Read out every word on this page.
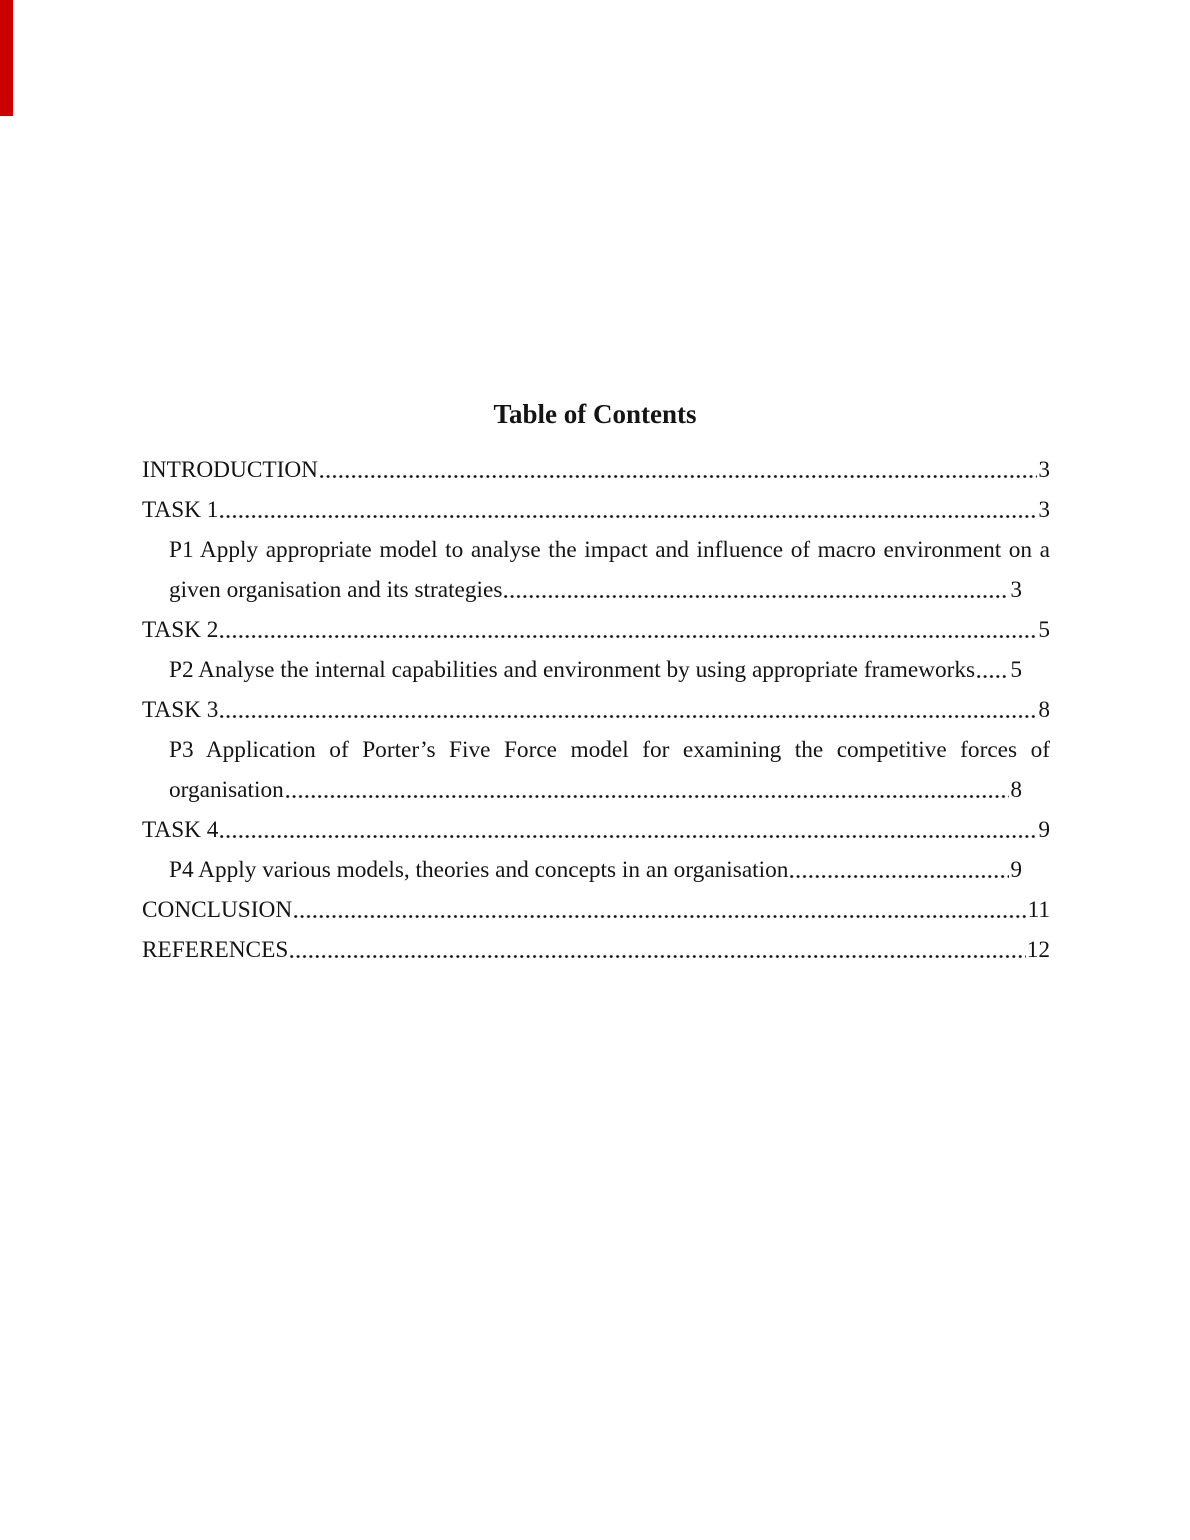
Table of Contents
INTRODUCTION	3
TASK 1	3
P1 Apply appropriate model to analyse the impact and influence of macro environment on a
given organisation and its strategies	3
TASK 2	5
P2 Analyse the internal capabilities and environment by using appropriate frameworks 5
TASK 3	8
P3 Application of Porter’s Five Force model for examining the competitive forces of
organisation	8
TASK 4	9
P4 Apply various models, theories and concepts in an organisation	9
CONCLUSION	11
REFERENCES	12
